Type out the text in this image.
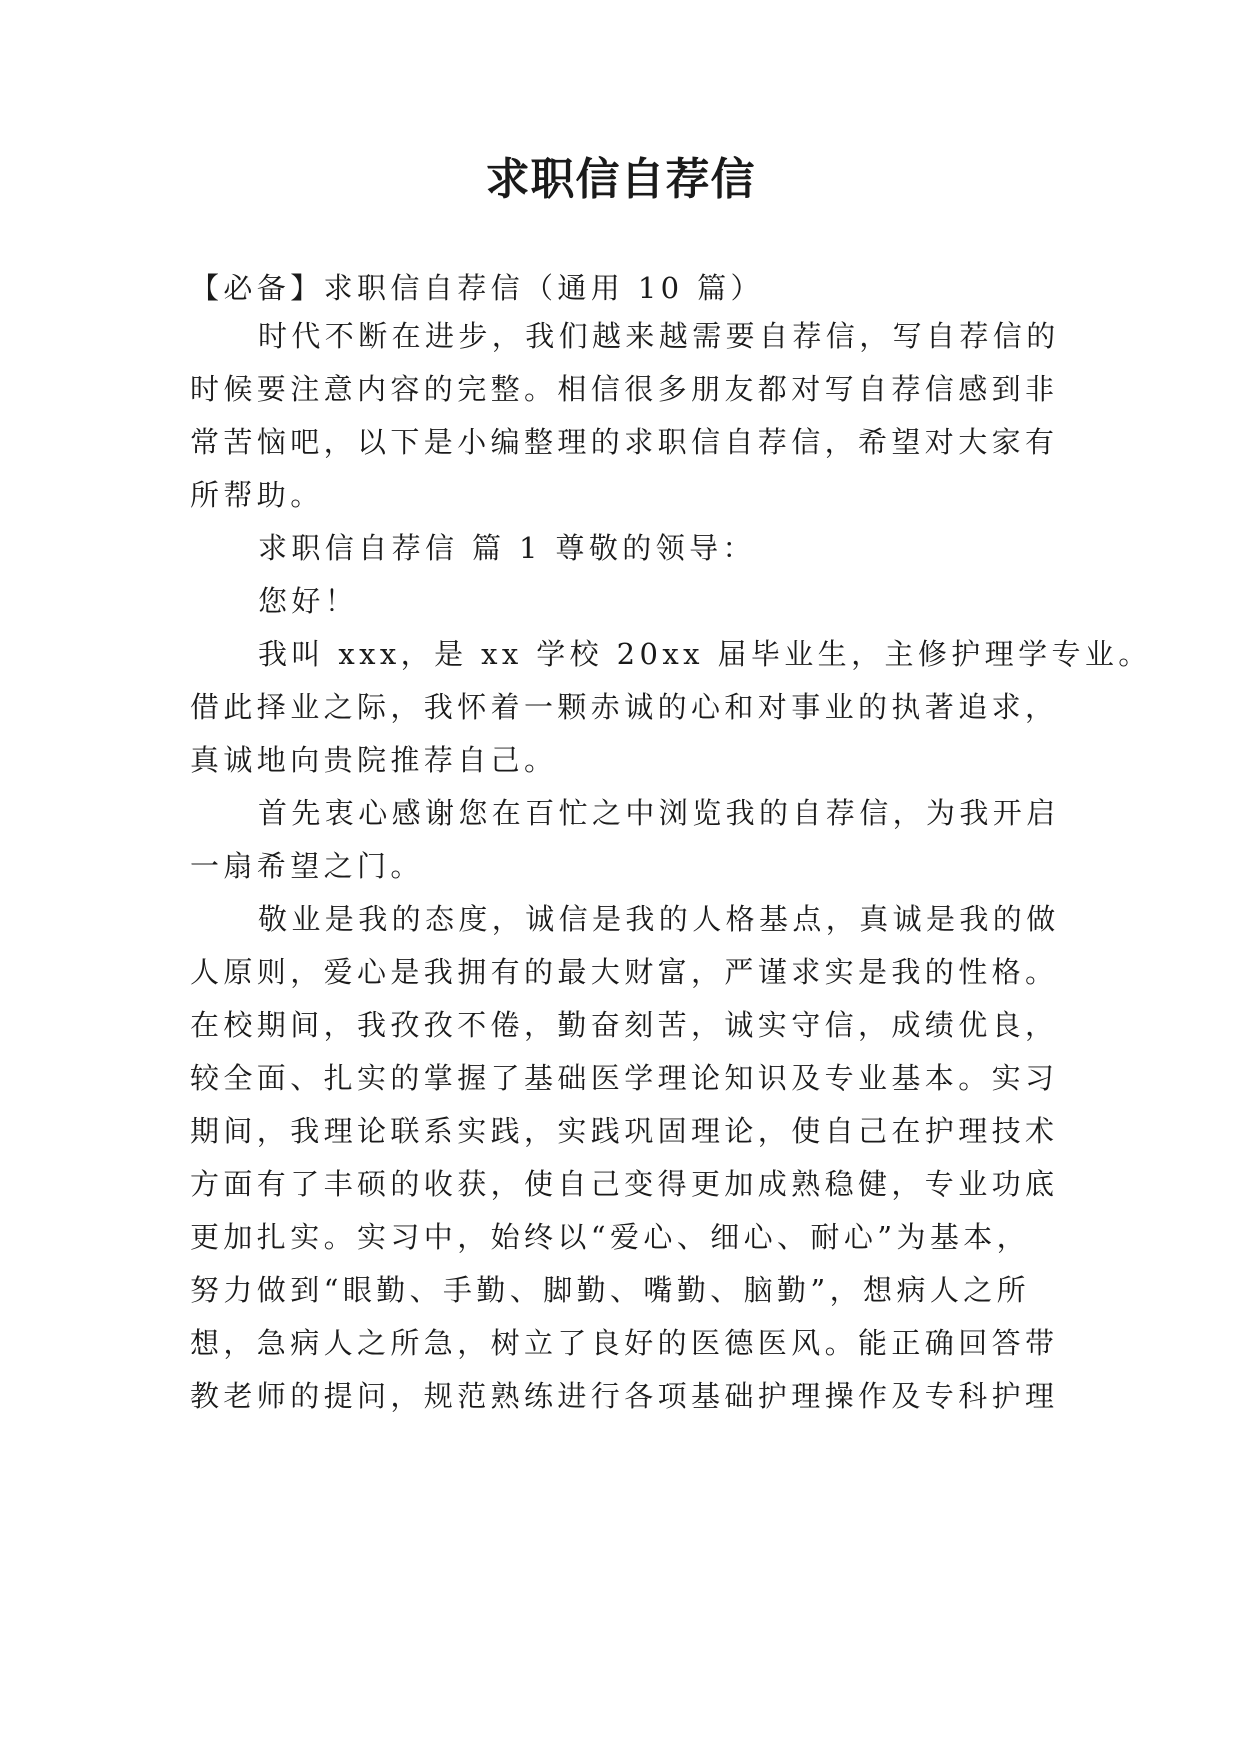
求职信自荐信
【必备】求职信自荐信（通用 10 篇）
时代不断在进步，我们越来越需要自荐信，写自荐信的
时候要注意内容的完整。相信很多朋友都对写自荐信感到非
常苦恼吧，以下是小编整理的求职信自荐信，希望对大家有
所帮助。
求职信自荐信 篇 1 尊敬的领导：
您好！
我叫 xxx，是 xx 学校 20xx 届毕业生，主修护理学专业。
借此择业之际，我怀着一颗赤诚的心和对事业的执著追求，
真诚地向贵院推荐自己。
首先衷心感谢您在百忙之中浏览我的自荐信，为我开启
一扇希望之门。
敬业是我的态度，诚信是我的人格基点，真诚是我的做
人原则，爱心是我拥有的最大财富，严谨求实是我的性格。
在校期间，我孜孜不倦，勤奋刻苦，诚实守信，成绩优良，
较全面、扎实的掌握了基础医学理论知识及专业基本。实习
期间，我理论联系实践，实践巩固理论，使自己在护理技术
方面有了丰硕的收获，使自己变得更加成熟稳健，专业功底
更加扎实。实习中，始终以“爱心、细心、耐心”为基本，
努力做到“眼勤、手勤、脚勤、嘴勤、脑勤”，想病人之所
想，急病人之所急，树立了良好的医德医风。能正确回答带
教老师的提问，规范熟练进行各项基础护理操作及专科护理
